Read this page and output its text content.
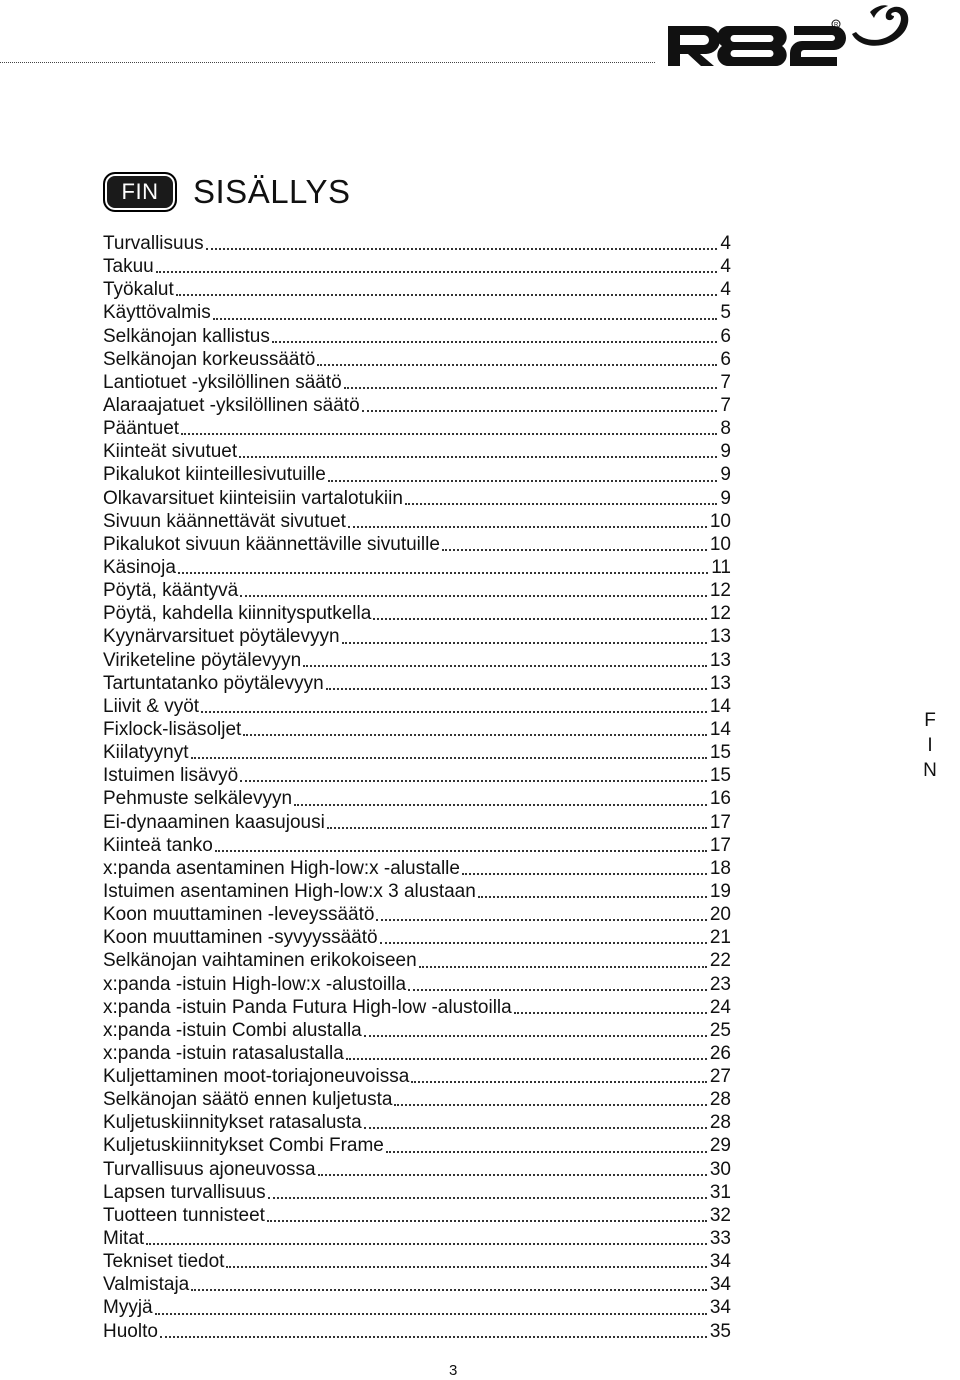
R
FIN	SISÄLLYS
Turvallisuus	4
Takuu	4
Työkalut	4
Käyttövalmis	5
Selkänojan kallistus	6
Selkänojan korkeussäätö	6
Lantiotuet -yksilöllinen säätö	7
Alaraajatuet -yksilöllinen säätö	7
Pääntuet	8
Kiinteät sivutuet	9
Pikalukot kiinteillesivutuille	9
Olkavarsituet kiinteisiin vartalotukiin	9
Sivuun käännettävät sivutuet	10
Pikalukot sivuun käännettäville sivutuille	10
Käsinoja	11
Pöytä, kääntyvä	12
Pöytä, kahdella kiinnitysputkella	12
Kyynärvarsituet pöytälevyyn	13
Viriketeline pöytälevyyn	13
Tartuntatanko pöytälevyyn	13
Liivit & vyöt	14
Fixlock-lisäsoljet	14
Kiilatyynyt	15
Istuimen lisävyö	15
Pehmuste selkälevyyn	16
Ei-dynaaminen kaasujousi	17
Kiinteä tanko	17
x:panda asentaminen High-low:x -alustalle	18
Istuimen asentaminen High-low:x 3 alustaan	19
Koon muuttaminen -leveyssäätö	20
Koon muuttaminen -syvyyssäätö	21
Selkänojan vaihtaminen erikokoiseen	22
x:panda -istuin High-low:x -alustoilla	23
x:panda -istuin Panda Futura High-low -alustoilla	24
x:panda -istuin Combi alustalla	25
x:panda -istuin ratasalustalla	26
Kuljettaminen moot-toriajoneuvoissa	27
Selkänojan säätö ennen kuljetusta	28
Kuljetuskiinnitykset ratasalusta	28
Kuljetuskiinnitykset Combi Frame	29
Turvallisuus ajoneuvossa	30
Lapsen turvallisuus	31
Tuotteen tunnisteet	32
Mitat	33
Tekniset tiedot	34
Valmistaja	34
Myyjä	34
Huolto	35
F
I
N
3
